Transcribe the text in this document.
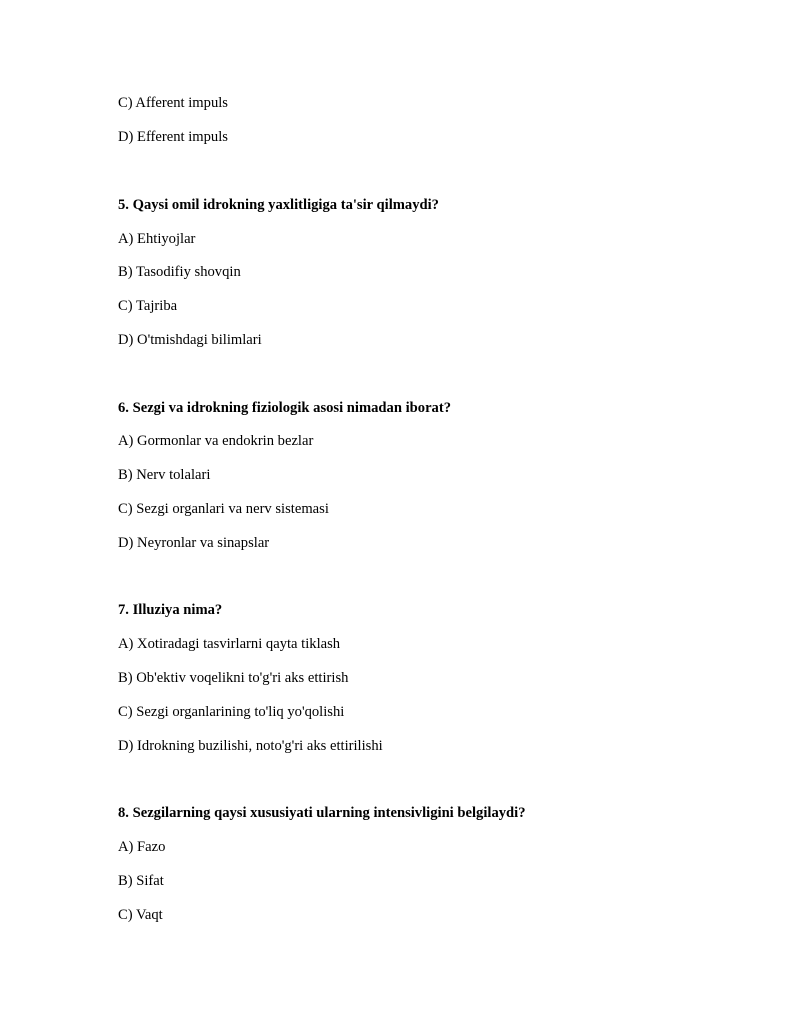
C) Afferent impuls
D) Efferent impuls
5. Qaysi omil idrokning yaxlitligiga ta'sir qilmaydi?
A) Ehtiyojlar
B) Tasodifiy shovqin
C) Tajriba
D) O'tmishdagi bilimlari
6. Sezgi va idrokning fiziologik asosi nimadan iborat?
A) Gormonlar va endokrin bezlar
B) Nerv tolalari
C) Sezgi organlari va nerv sistemasi
D) Neyronlar va sinapslar
7. Illuziya nima?
A) Xotiradagi tasvirlarni qayta tiklash
B) Ob'ektiv voqelikni to'g'ri aks ettirish
C) Sezgi organlarining to'liq yo'qolishi
D) Idrokning buzilishi, noto'g'ri aks ettirilishi
8. Sezgilarning qaysi xususiyati ularning intensivligini belgilaydi?
A) Fazo
B) Sifat
C) Vaqt
